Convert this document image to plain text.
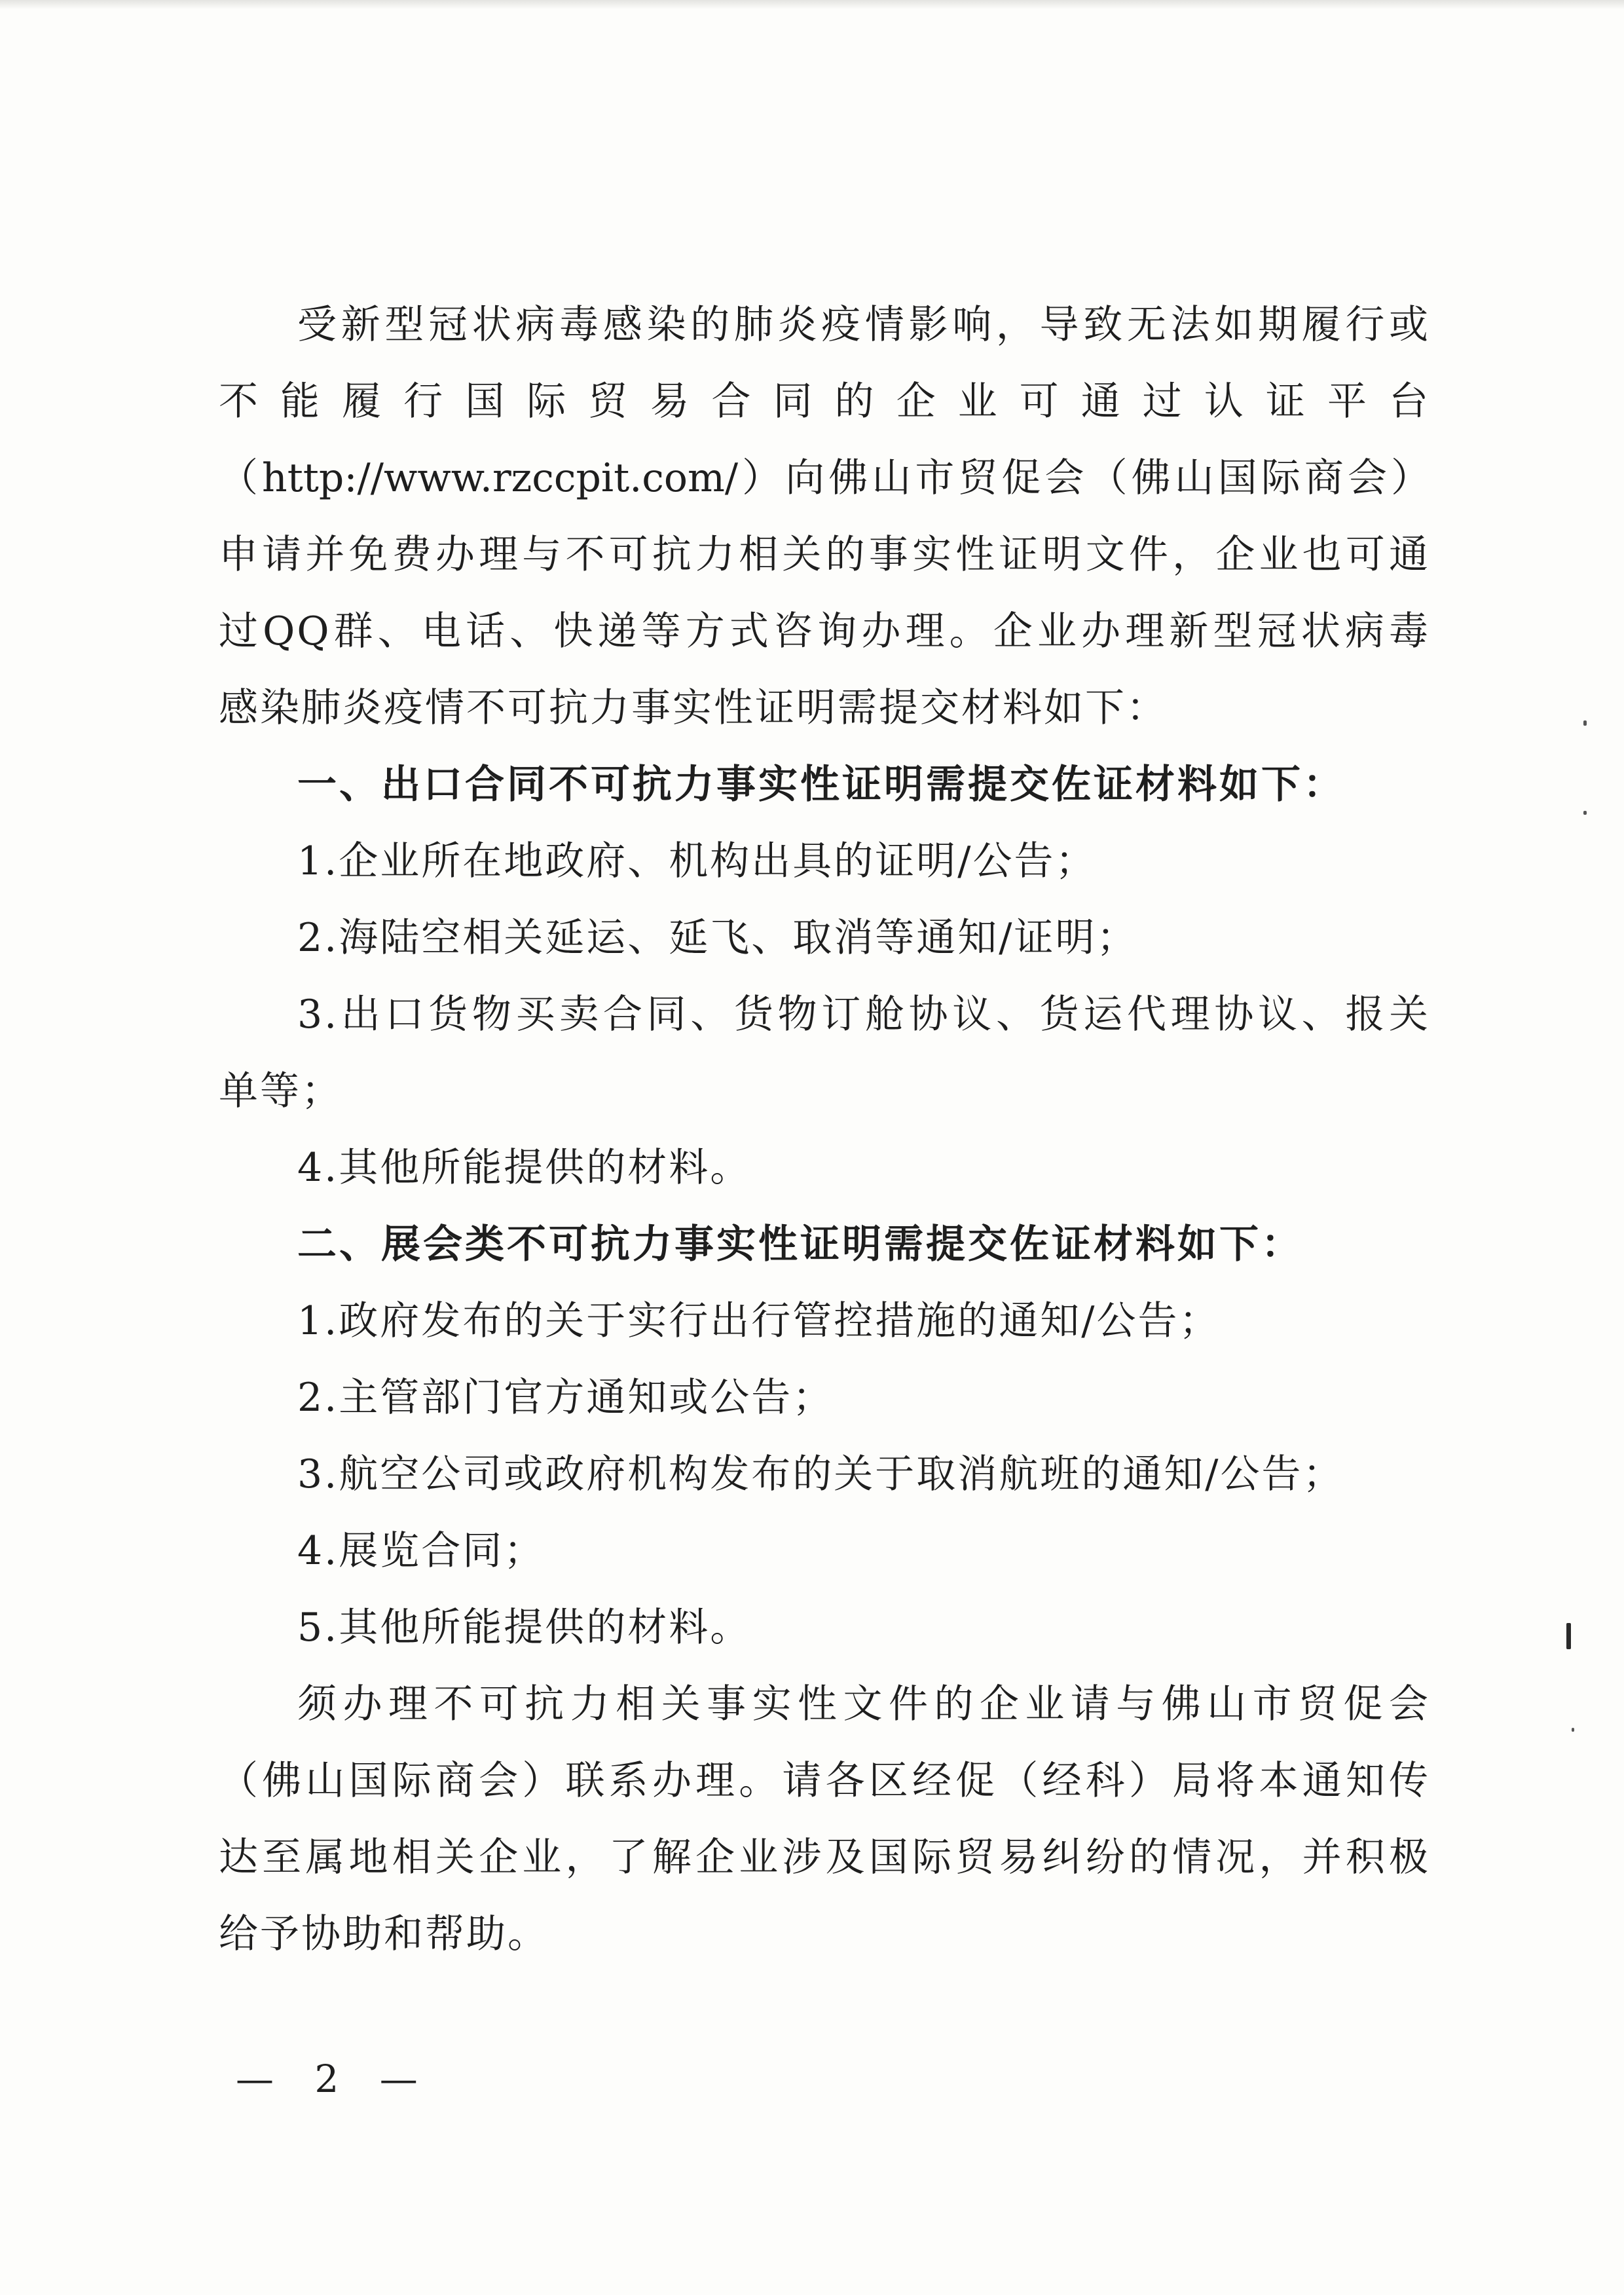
受新型冠状病毒感染的肺炎疫情影响，导致无法如期履行或
不能履行国际贸易合同的企业可通过认证平台
（http://www.rzccpit.com/）向佛山市贸促会（佛山国际商会）
申请并免费办理与不可抗力相关的事实性证明文件，企业也可通
过QQ群、电话、快递等方式咨询办理。企业办理新型冠状病毒
感染肺炎疫情不可抗力事实性证明需提交材料如下：
一、出口合同不可抗力事实性证明需提交佐证材料如下：
1.企业所在地政府、机构出具的证明/公告；
2.海陆空相关延运、延飞、取消等通知/证明；
3.出口货物买卖合同、货物订舱协议、货运代理协议、报关
单等；
4.其他所能提供的材料。
二、展会类不可抗力事实性证明需提交佐证材料如下：
1.政府发布的关于实行出行管控措施的通知/公告；
2.主管部门官方通知或公告；
3.航空公司或政府机构发布的关于取消航班的通知/公告；
4.展览合同；
5.其他所能提供的材料。
须办理不可抗力相关事实性文件的企业请与佛山市贸促会
（佛山国际商会）联系办理。请各区经促（经科）局将本通知传
达至属地相关企业，了解企业涉及国际贸易纠纷的情况，并积极
给予协助和帮助。
— 2 —
